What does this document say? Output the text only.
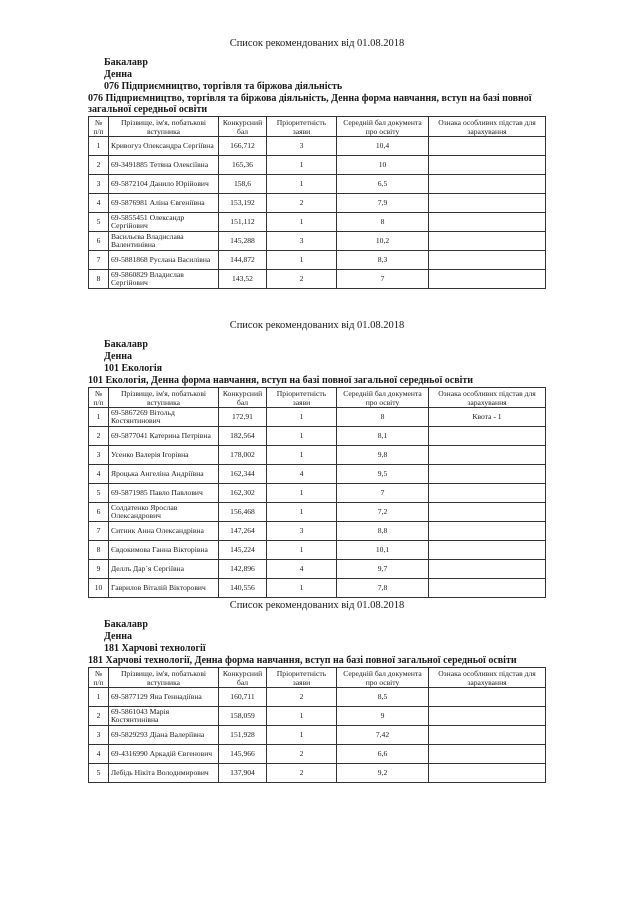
Список рекомендованих від 01.08.2018
Бакалавр
Денна
076 Підприємництво, торгівля та біржова діяльність
076 Підприємництво, торгівля та біржова діяльність, Денна форма навчання, вступ на базі повної загальної середньої освіти
№ п/п	Прізвище, ім'я, побатькові вступника	Конкурсний бал	Пріоритетність заяви	Середній бал документа про освіту	Ознака особливих підстав для зарахування
1	Кривогуз Олександра Сергіївна	166,712	3	10,4	
2	69-3491885 Тетяна Олексіївна	165,36	1	10	
3	69-5872104 Данило Юрійович	158,6	1	6,5	
4	69-5876981 Аліна Євгеніївна	153,192	2	7,9	
5	69-5855451 Олександр Сергійович	151,112	1	8	
6	Васильєва Владислава Валентинівна	145,288	3	10,2	
7	69-5881868 Руслана Василівна	144,872	1	8,3	
8	69-5860829 Владислав Сергійович	143,52	2	7	
Список рекомендованих від 01.08.2018
Бакалавр
Денна
101 Екологія
101 Екологія, Денна форма навчання, вступ на базі повної загальної середньої освіти
№ п/п	Прізвище, ім'я, побатькові вступника	Конкурсний бал	Пріоритетність заяви	Середній бал документа про освіту	Ознака особливих підстав для зарахування
1	69-5867269 Вітольд Костянтинович	172,91	1	8	Квота - 1
2	69-5877041 Катерина Петрівна	182,564	1	8,1	
3	Усенко Валерія Ігорівна	178,002	1	9,8	
4	Яроцька Ангеліна Андріївна	162,344	4	9,5	
5	69-5871985 Павло Павлович	162,302	1	7	
6	Солдатенко Ярослав Олександрович	156,468	1	7,2	
7	Ситник Анна Олександрівна	147,264	3	8,8	
8	Євдокимова Ганна Вікторівна	145,224	1	10,1	
9	Деллъ Дар`я Сергіївна	142,896	4	9,7	
10	Гаврилов Віталій Вікторович	140,556	1	7,8	
Список рекомендованих від 01.08.2018
Бакалавр
Денна
181 Харчові технології
181 Харчові технології, Денна форма навчання, вступ на базі повної загальної середньої освіти
№ п/п	Прізвище, ім'я, побатькові вступника	Конкурсний бал	Пріоритетність заяви	Середній бал документа про освіту	Ознака особливих підстав для зарахування
1	69-5877129 Яна Геннадіївна	160,711	2	8,5	
2	69-5861043 Марія Костянтинівна	158,059	1	9	
3	69-5829293 Діана Валеріївна	151,928	1	7,42	
4	69-4316990 Аркадій Євгенович	145,966	2	6,6	
5	Лебідь Нікіта Володимирович	137,904	2	9,2	
